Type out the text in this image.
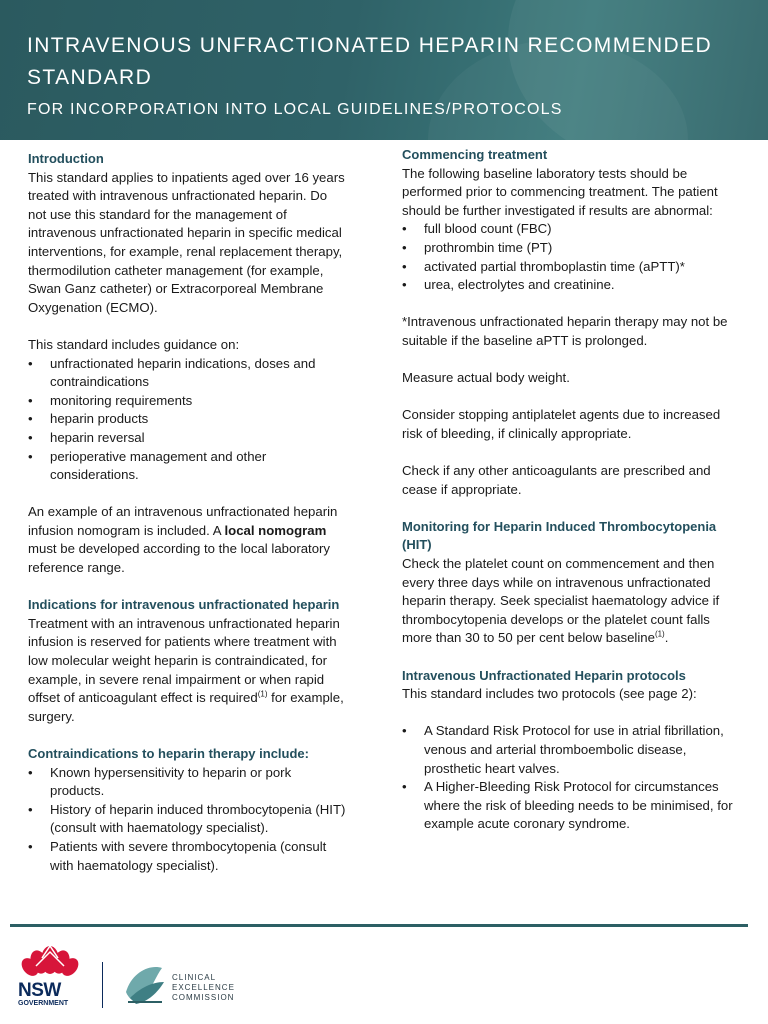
INTRAVENOUS UNFRACTIONATED HEPARIN RECOMMENDED STANDARD
FOR INCORPORATION INTO LOCAL GUIDELINES/PROTOCOLS
Introduction

This standard applies to inpatients aged over 16 years treated with intravenous unfractionated heparin. Do not use this standard for the management of intravenous unfractionated heparin in specific medical interventions, for example, renal replacement therapy, thermodilution catheter management (for example, Swan Ganz catheter) or Extracorporeal Membrane Oxygenation (ECMO).

This standard includes guidance on:

• unfractionated heparin indications, doses and contraindications
• monitoring requirements
• heparin products
• heparin reversal
• perioperative management and other considerations.

An example of an intravenous unfractionated heparin infusion nomogram is included. A local nomogram must be developed according to the local laboratory reference range.

Indications for intravenous unfractionated heparin

Treatment with an intravenous unfractionated heparin infusion is reserved for patients where treatment with low molecular weight heparin is contraindicated, for example, in severe renal impairment or when rapid offset of anticoagulant effect is required$^{(1)}$ for example, surgery.

Contraindications to heparin therapy include:
• Known hypersensitivity to heparin or pork products.
• History of heparin induced thrombocytopenia (HIT) (consult with haematology specialist).
• Patients with severe thrombocytopenia (consult with haematology specialist).
Commencing treatment

The following baseline laboratory tests should be performed prior to commencing treatment. The patient should be further investigated if results are abnormal:

• full blood count (FBC)
• prothrombin time (PT)
• activated partial thromboplastin time (aPTT)*
• urea, electrolytes and creatinine.

*Intravenous unfractionated heparin therapy may not be suitable if the baseline aPTT is prolonged.

Measure actual body weight.

Consider stopping antiplatelet agents due to increased risk of bleeding, if clinically appropriate.

Check if any other anticoagulants are prescribed and cease if appropriate.

Monitoring for Heparin Induced Thrombocytopenia (HIT)

Check the platelet count on commencement and then every three days while on intravenous unfractionated heparin therapy. Seek specialist haematology advice if thrombocytopenia develops or the platelet count falls more than 30 to 50 per cent below baseline$^{(1)}$.

Intravenous Unfractionated Heparin protocols

This standard includes two protocols (see page 2):

• A Standard Risk Protocol for use in atrial fibrillation, venous and arterial thromboembolic disease, prosthetic heart valves.
• A Higher-Bleeding Risk Protocol for circumstances where the risk of bleeding needs to be minimised, for example acute coronary syndrome.
NSW
GOVERNMENT
CLINICAL
EXCELLENCE
COMMISSION
